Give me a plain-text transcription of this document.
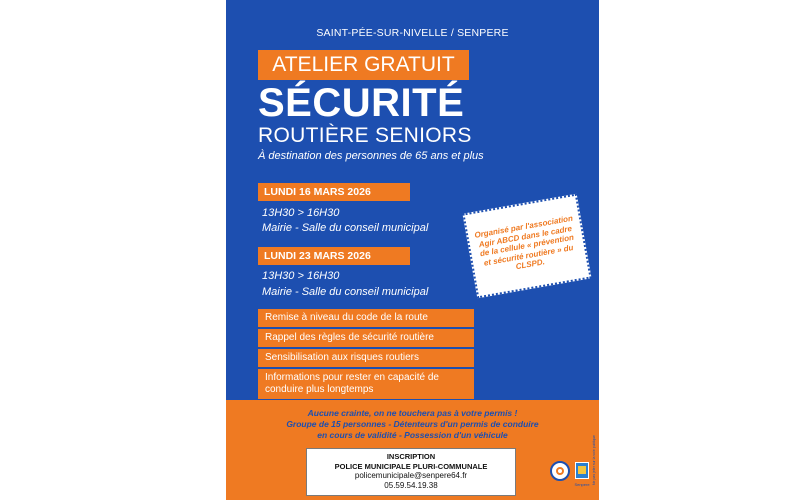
SAINT-PÉE-SUR-NIVELLE / SENPERE
ATELIER GRATUIT
SÉCURITÉ
ROUTIÈRE SENIORS
À destination des personnes de 65 ans et plus
LUNDI 16 MARS 2026
13H30 > 16H30
Mairie - Salle du conseil municipal
LUNDI 23 MARS 2026
13H30 > 16H30
Mairie - Salle du conseil municipal
Organisé par l'association Agir ABCD dans le cadre de la cellule « prévention et sécurité routière » du CLSPD.
Remise à niveau du code de la route
Rappel des règles de sécurité routière
Sensibilisation aux risques routiers
Informations pour rester en capacité de conduire plus longtemps
Aucune crainte, on ne touchera pas à votre permis !
Groupe de 15 personnes - Détenteurs d'un permis de conduire
en cours de validité - Possession d'un véhicule
INSCRIPTION
POLICE MUNICIPALE PLURI-COMMUNALE
policemunicipale@senpere64.fr
05.59.54.19.38	Senpere Ne pas jeter sur la voie publique
